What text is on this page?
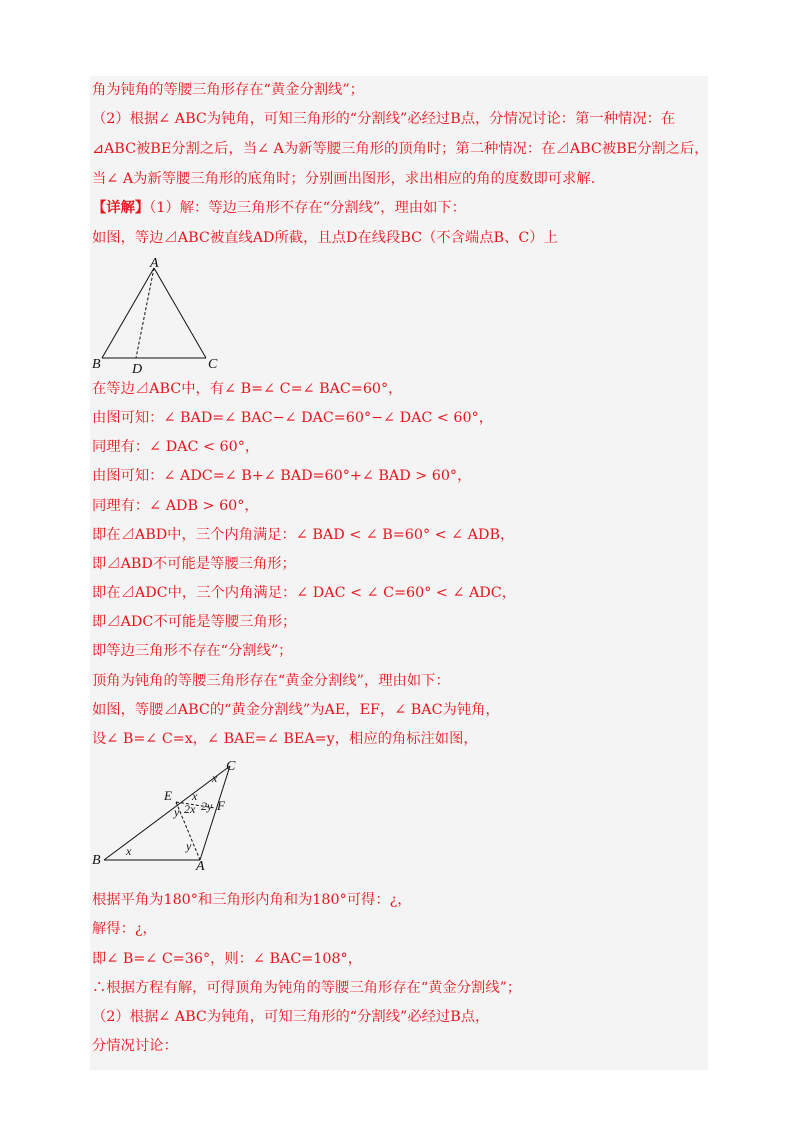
角为钝角的等腰三角形存在“黄金分割线”；
（2）根据∠ ABC为钝角，可知三角形的“分割线”必经过B点，分情况讨论：第一种情况：在
⊿ABC被BE分割之后，当∠ A为新等腰三角形的顶角时；第二种情况：在⊿ABC被BE分割之后，
当∠ A为新等腰三角形的底角时；分别画出图形，求出相应的角的度数即可求解.
【详解】（1）解：等边三角形不存在“分割线”，理由如下：
如图，等边⊿ABC被直线AD所截，且点D在线段BC（不含端点B、C）上
A
B	C
D
在等边⊿ABC中，有∠ B=∠ C=∠ BAC=60°，
由图可知：∠ BAD=∠ BAC−∠ DAC=60°−∠ DAC < 60°，
同理有：∠ DAC < 60°，
由图可知：∠ ADC=∠ B+∠ BAD=60°+∠ BAD > 60°，
同理有：∠ ADB > 60°，
即在⊿ABD中，三个内角满足：∠ BAD < ∠ B=60° < ∠ ADB，
即⊿ABD不可能是等腰三角形；
即在⊿ADC中，三个内角满足：∠ DAC < ∠ C=60° < ∠ ADC，
即⊿ADC不可能是等腰三角形；
即等边三角形不存在“分割线”；
顶角为钝角的等腰三角形存在“黄金分割线”，理由如下：
如图，等腰⊿ABC的“黄金分割线”为AE，EF，∠ BAC为钝角，
设∠ B=∠ C=x，∠ BAE=∠ BEA=y，相应的角标注如图，
C
E
F
B	A
x
x
y 2x 2y
x	y
根据平角为180°和三角形内角和为180°可得：¿，
解得：¿，
即∠ B=∠ C=36°，则：∠ BAC=108°，
∴根据方程有解，可得顶角为钝角的等腰三角形存在“黄金分割线”；
（2）根据∠ ABC为钝角，可知三角形的“分割线”必经过B点，
分情况讨论：
